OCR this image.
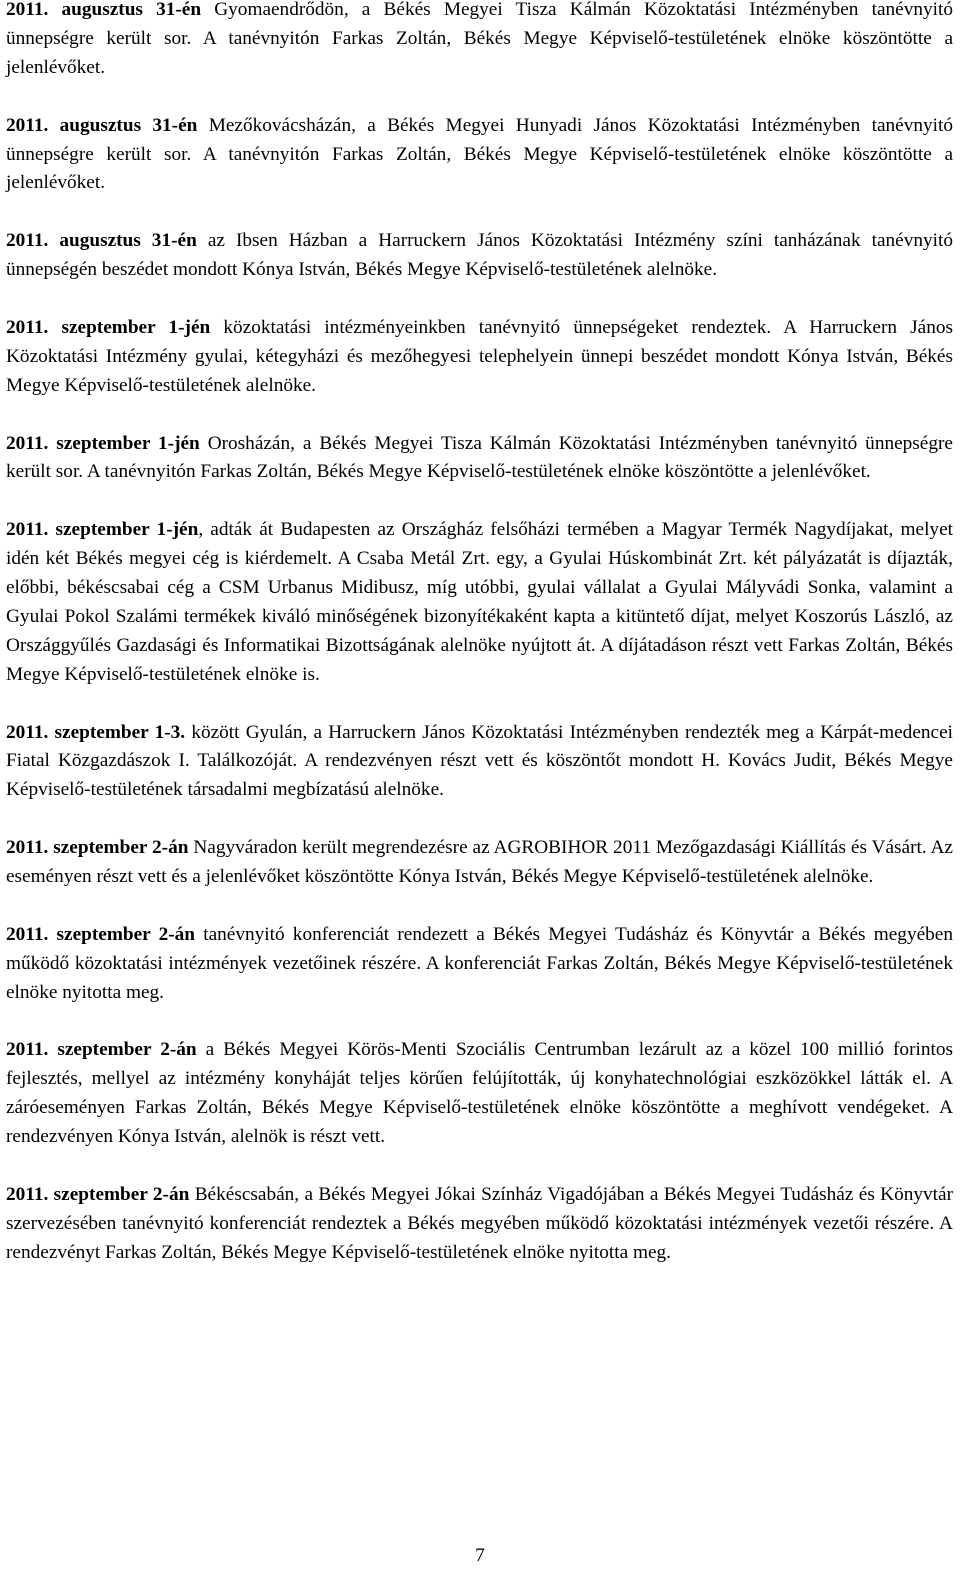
2011. augusztus 31-én Gyomaendrődön, a Békés Megyei Tisza Kálmán Közoktatási Intézményben tanévnyitó ünnepségre került sor. A tanévnyitón Farkas Zoltán, Békés Megye Képviselő-testületének elnöke köszöntötte a jelenlévőket.

2011. augusztus 31-én Mezőkovácsházán, a Békés Megyei Hunyadi János Közoktatási Intézményben tanévnyitó ünnepségre került sor. A tanévnyitón Farkas Zoltán, Békés Megye Képviselő-testületének elnöke köszöntötte a jelenlévőket.

2011. augusztus 31-én az Ibsen Házban a Harruckern János Közoktatási Intézmény színi tanházának tanévnyitó ünnepségén beszédet mondott Kónya István, Békés Megye Képviselő-testületének alelnöke.

2011. szeptember 1-jén közoktatási intézményeinkben tanévnyitó ünnepségeket rendeztek. A Harruckern János Közoktatási Intézmény gyulai, kétegyházi és mezőhegyesi telephelyein ünnepi beszédet mondott Kónya István, Békés Megye Képviselő-testületének alelnöke.

2011. szeptember 1-jén Orosházán, a Békés Megyei Tisza Kálmán Közoktatási Intézményben tanévnyitó ünnepségre került sor. A tanévnyitón Farkas Zoltán, Békés Megye Képviselő-testületének elnöke köszöntötte a jelenlévőket.

2011. szeptember 1-jén, adták át Budapesten az Országház felsőházi termében a Magyar Termék Nagydíjakat, melyet idén két Békés megyei cég is kiérdemelt. A Csaba Metál Zrt. egy, a Gyulai Húskombinát Zrt. két pályázatát is díjazták, előbbi, békéscsabai cég a CSM Urbanus Midibusz, míg utóbbi, gyulai vállalat a Gyulai Mályvádi Sonka, valamint a Gyulai Pokol Szalámi termékek kiváló minőségének bizonyítékaként kapta a kitüntető díjat, melyet Koszorús László, az Országgyűlés Gazdasági és Informatikai Bizottságának alelnöke nyújtott át. A díjátadáson részt vett Farkas Zoltán, Békés Megye Képviselő-testületének elnöke is.

2011. szeptember 1-3. között Gyulán, a Harruckern János Közoktatási Intézményben rendezték meg a Kárpát-medencei Fiatal Közgazdászok I. Találkozóját. A rendezvényen részt vett és köszöntőt mondott H. Kovács Judit, Békés Megye Képviselő-testületének társadalmi megbízatású alelnöke.

2011. szeptember 2-án Nagyváradon került megrendezésre az AGROBIHOR 2011 Mezőgazdasági Kiállítás és Vásárt. Az eseményen részt vett és a jelenlévőket köszöntötte Kónya István, Békés Megye Képviselő-testületének alelnöke.

2011. szeptember 2-án tanévnyitó konferenciát rendezett a Békés Megyei Tudásház és Könyvtár a Békés megyében működő közoktatási intézmények vezetőinek részére. A konferenciát Farkas Zoltán, Békés Megye Képviselő-testületének elnöke nyitotta meg.

2011. szeptember 2-án a Békés Megyei Körös-Menti Szociális Centrumban lezárult az a közel 100 millió forintos fejlesztés, mellyel az intézmény konyháját teljes körűen felújították, új konyhatechnológiai eszközökkel látták el. A záróeseményen Farkas Zoltán, Békés Megye Képviselő-testületének elnöke köszöntötte a meghívott vendégeket. A rendezvényen Kónya István, alelnök is részt vett.

2011. szeptember 2-án Békéscsabán, a Békés Megyei Jókai Színház Vigadójában a Békés Megyei Tudásház és Könyvtár szervezésében tanévnyitó konferenciát rendeztek a Békés megyében működő közoktatási intézmények vezetői részére. A rendezvényt Farkas Zoltán, Békés Megye Képviselő-testületének elnöke nyitotta meg.

7
